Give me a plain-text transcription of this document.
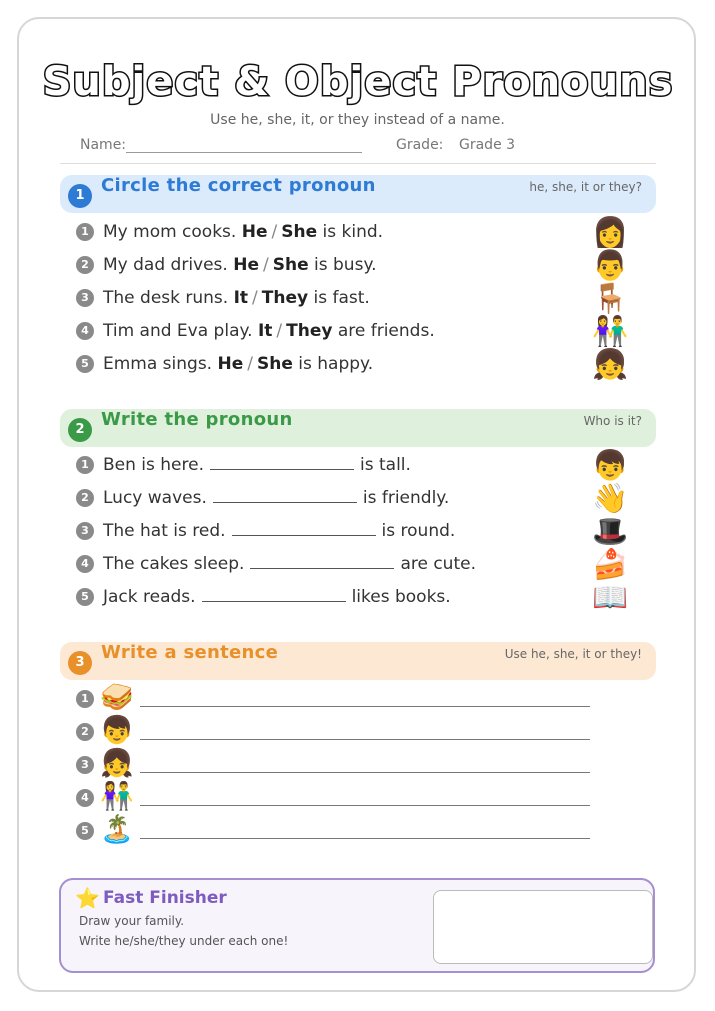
Subject & Object Pronouns
Use he, she, it, or they instead of a name.
Name:	Grade: Grade 3
1 Circle the correct pronoun	he, she, it or they?
1 My mom cooks. He / She is kind.	👩
2 My dad drives. He / She is busy.	👨
3 The desk runs. It / They is fast.	🪑
4 Tim and Eva play. It / They are friends.	👫
5 Emma sings. He / She is happy.	👧
2 Write the pronoun	Who is it?
1 Ben is here.	is tall.	👦
2 Lucy waves.	is friendly.	👋
3 The hat is red.	is round.	🎩
4 The cakes sleep.	are cute.	🍰
5 Jack reads.	likes books.	📖
3 Write a sentence	Use he, she, it or they!
1 🥪
2 👦
3 👧
4 👫
5 🏝️
⭐ Fast Finisher
Draw your family.
Write he/she/they under each one!
